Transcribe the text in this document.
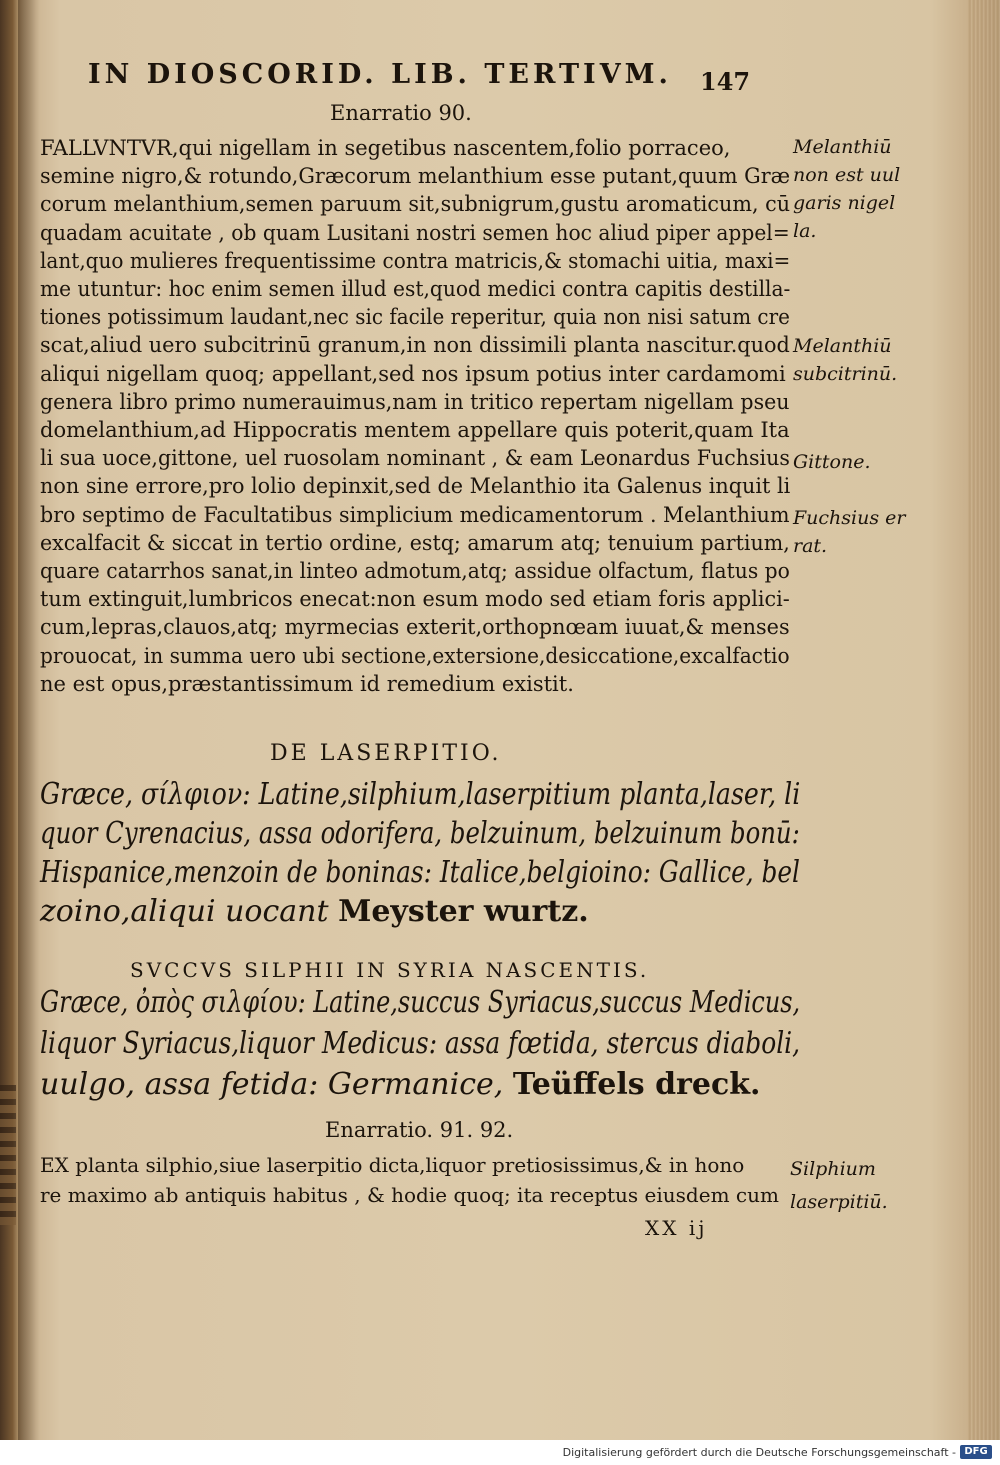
IN DIOSCORID. LIB. TERTIVM. 147
Enarratio 90.
FALLVNTVR,qui nigellam in segetibus nascentem,folio porraceo,
semine nigro,& rotundo,Græcorum melanthium esse putant,quum Græ
corum melanthium,semen paruum sit,subnigrum,gustu aromaticum, cū
quadam acuitate , ob quam Lusitani nostri semen hoc aliud piper appel=
lant,quo mulieres frequentissime contra matricis,& stomachi uitia, maxi=
me utuntur: hoc enim semen illud est,quod medici contra capitis destilla-
tiones potissimum laudant,nec sic facile reperitur, quia non nisi satum cre
scat,aliud uero subcitrinū granum,in non dissimili planta nascitur.quod
aliqui nigellam quoq; appellant,sed nos ipsum potius inter cardamomi
genera libro primo numerauimus,nam in tritico repertam nigellam pseu
domelanthium,ad Hippocratis mentem appellare quis poterit,quam Ita
li sua uoce,gittone, uel ruosolam nominant , & eam Leonardus Fuchsius
non sine errore,pro lolio depinxit,sed de Melanthio ita Galenus inquit li
bro septimo de Facultatibus simplicium medicamentorum . Melanthium
excalfacit & siccat in tertio ordine, estq; amarum atq; tenuium partium,
quare catarrhos sanat,in linteo admotum,atq; assidue olfactum, flatus po
tum extinguit,lumbricos enecat:non esum modo sed etiam foris applici-
cum,lepras,clauos,atq; myrmecias exterit,orthopnœam iuuat,& menses
prouocat, in summa uero ubi sectione,extersione,desiccatione,excalfactio
ne est opus,præstantissimum id remedium existit.
Melanthiū
non est uul
garis nigel
la.
Melanthiū
subcitrinū.
Gittone.
Fuchsius er
rat.
DE LASERPITIO.
Græce, σίλφιον: Latine,silphium,laserpitium planta,laser, li
quor Cyrenacius, assa odorifera, belzuinum, belzuinum bonū:
Hispanice,menzoin de boninas: Italice,belgioino: Gallice, bel
zoino,aliqui uocant Meyster wurtz.
SVCCVS SILPHII IN SYRIA NASCENTIS.
Græce, ὀπὸς σιλφίου: Latine,succus Syriacus,succus Medicus,
liquor Syriacus,liquor Medicus: assa fœtida, stercus diaboli,
uulgo, assa fetida: Germanice, Teüffels dreck.
Enarratio. 91. 92.
EX planta silphio,siue laserpitio dicta,liquor pretiosissimus,& in hono
re maximo ab antiquis habitus , & hodie quoq; ita receptus eiusdem cum
Silphium
laserpitiū.
XX ij
Digitalisierung gefördert durch die Deutsche Forschungsgemeinschaft - DFG
